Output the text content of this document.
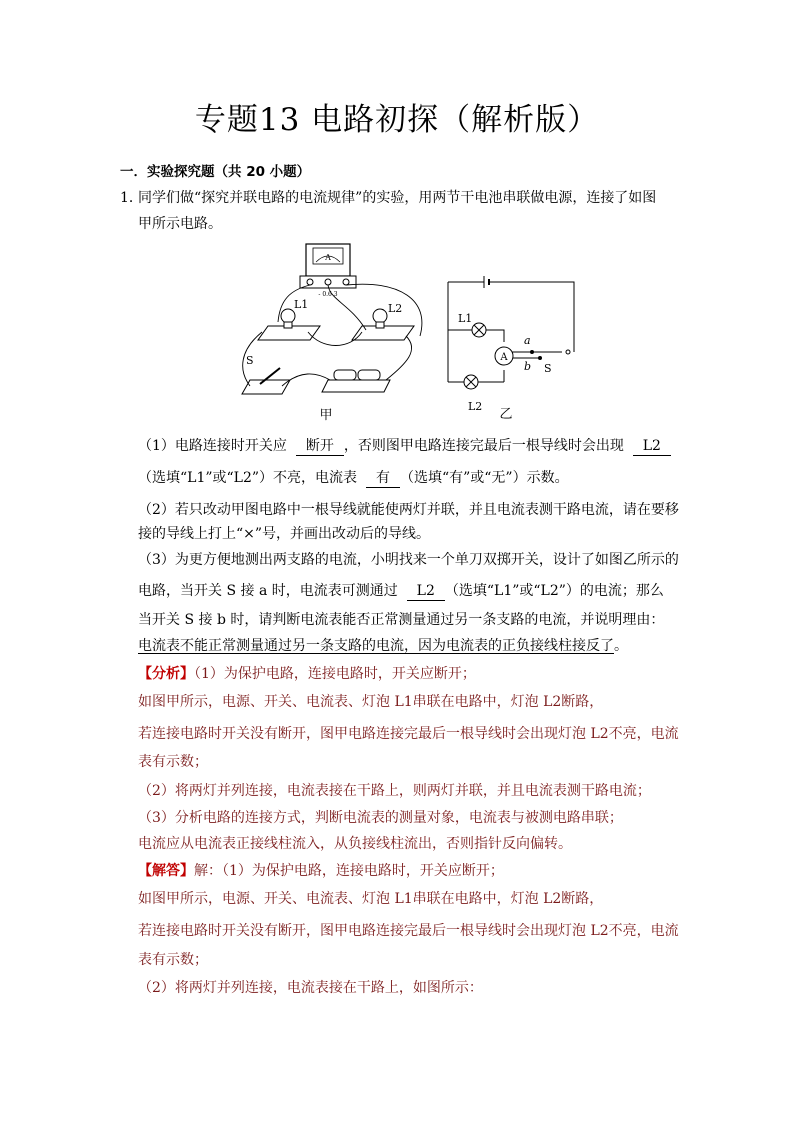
专题13 电路初探（解析版）
一．实验探究题（共 20 小题）
1．
同学们做“探究并联电路的电流规律”的实验，用两节干电池串联做电源，连接了如图
甲所示电路。
A
- 0.6 3
L1	L2
S
甲
A
L1
L2
a
b S
乙
（1）电路连接时开关应 断开 ，否则图甲电路连接完最后一根导线时会出现 L2
（选填“L1”或“L2”）不亮，电流表 有 （选填“有”或“无”）示数。
（2）若只改动甲图电路中一根导线就能使两灯并联，并且电流表测干路电流，请在要移
接的导线上打上“×”号，并画出改动后的导线。
（3）为更方便地测出两支路的电流，小明找来一个单刀双掷开关，设计了如图乙所示的
电路，当开关 S 接 a 时，电流表可测通过 L2 （选填“L1”或“L2”）的电流；那么
当开关 S 接 b 时，请判断电流表能否正常测量通过另一条支路的电流，并说明理由：
电流表不能正常测量通过另一条支路的电流，因为电流表的正负接线柱接反了。
【分析】（1）为保护电路，连接电路时，开关应断开；
如图甲所示，电源、开关、电流表、灯泡 L1串联在电路中，灯泡 L2断路，
若连接电路时开关没有断开，图甲电路连接完最后一根导线时会出现灯泡 L2不亮，电流
表有示数；
（2）将两灯并列连接，电流表接在干路上，则两灯并联，并且电流表测干路电流；
（3）分析电路的连接方式，判断电流表的测量对象，电流表与被测电路串联；
电流应从电流表正接线柱流入，从负接线柱流出，否则指针反向偏转。
【解答】解：（1）为保护电路，连接电路时，开关应断开；
如图甲所示，电源、开关、电流表、灯泡 L1串联在电路中，灯泡 L2断路，
若连接电路时开关没有断开，图甲电路连接完最后一根导线时会出现灯泡 L2不亮，电流
表有示数；
（2）将两灯并列连接，电流表接在干路上，如图所示：
